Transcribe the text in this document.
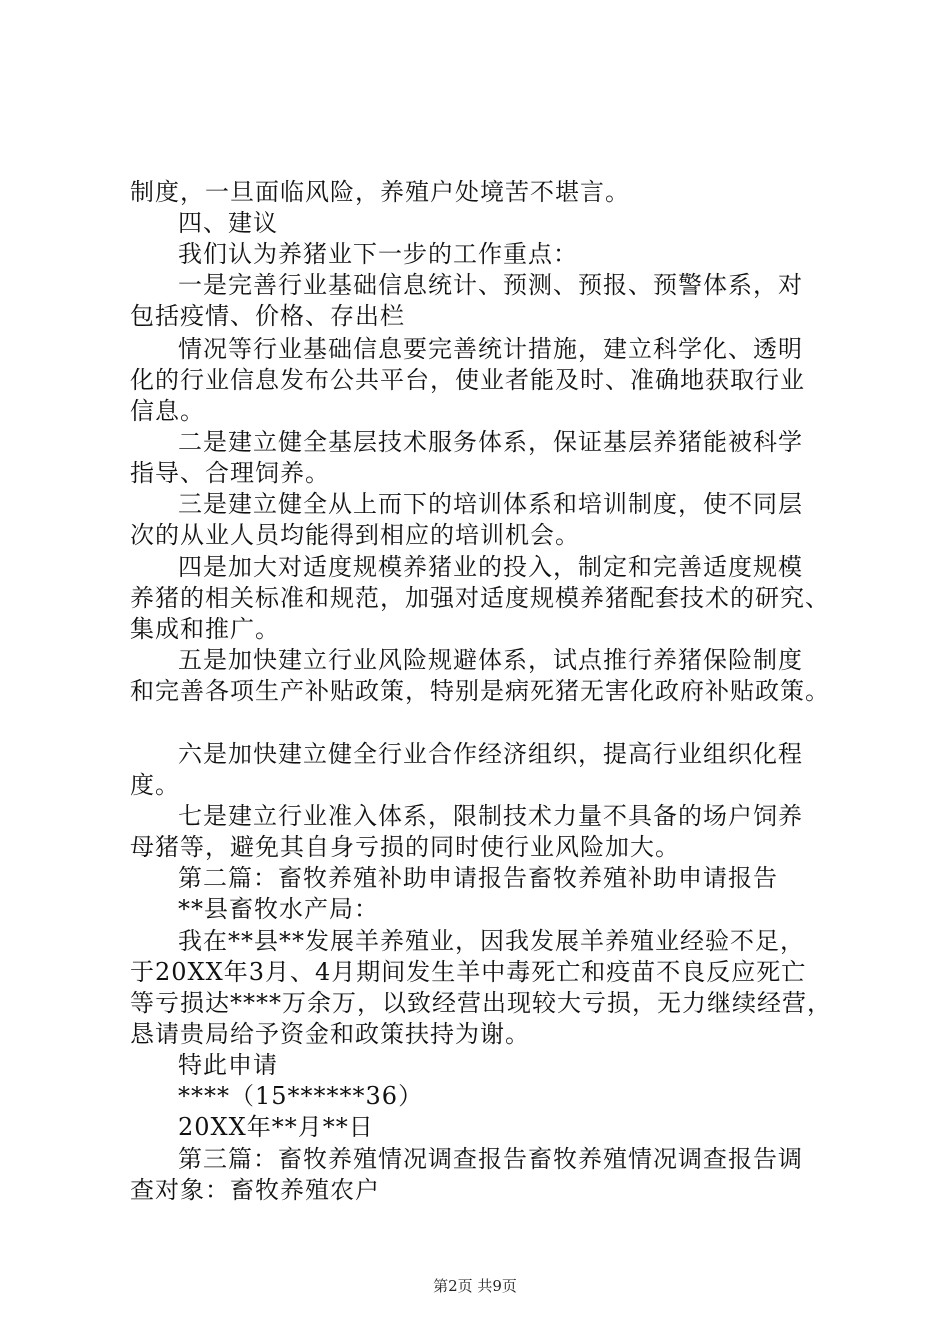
制度，一旦面临风险，养殖户处境苦不堪言。
四、建议
我们认为养猪业下一步的工作重点：
一是完善行业基础信息统计、预测、预报、预警体系，对
包括疫情、价格、存出栏
情况等行业基础信息要完善统计措施，建立科学化、透明
化的行业信息发布公共平台，使业者能及时、准确地获取行业
信息。
二是建立健全基层技术服务体系，保证基层养猪能被科学
指导、合理饲养。
三是建立健全从上而下的培训体系和培训制度，使不同层
次的从业人员均能得到相应的培训机会。
四是加大对适度规模养猪业的投入，制定和完善适度规模
养猪的相关标准和规范，加强对适度规模养猪配套技术的研究、
集成和推广。
五是加快建立行业风险规避体系，试点推行养猪保险制度
和完善各项生产补贴政策，特别是病死猪无害化政府补贴政策。
六是加快建立健全行业合作经济组织，提高行业组织化程
度。
七是建立行业准入体系，限制技术力量不具备的场户饲养
母猪等，避免其自身亏损的同时使行业风险加大。
第二篇：畜牧养殖补助申请报告畜牧养殖补助申请报告
**县畜牧水产局：
我在**县**发展羊养殖业，因我发展羊养殖业经验不足，
于20XX年3月、4月期间发生羊中毒死亡和疫苗不良反应死亡
等亏损达****万余万，以致经营出现较大亏损，无力继续经营，
恳请贵局给予资金和政策扶持为谢。
特此申请
****（15******36）
20XX年**月**日
第三篇：畜牧养殖情况调查报告畜牧养殖情况调查报告调
查对象：畜牧养殖农户
第2页 共9页
